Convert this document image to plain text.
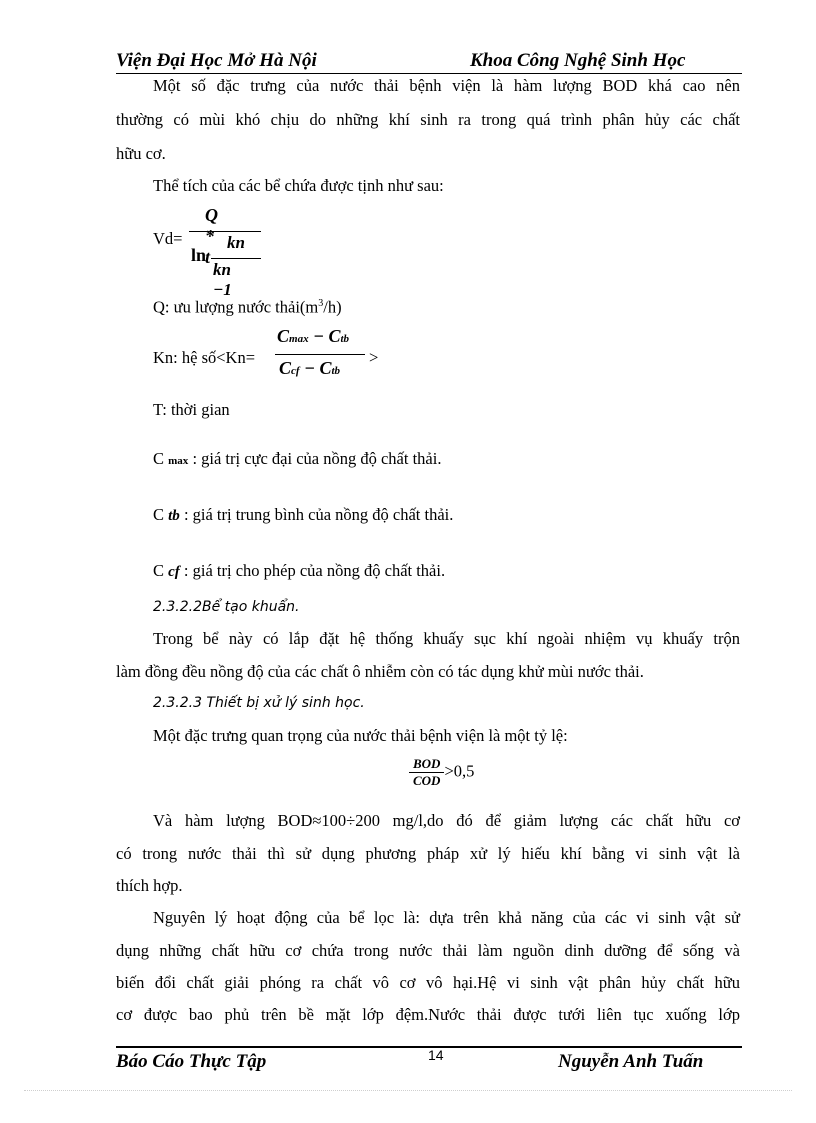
Viện Đại Học Mở Hà Nội	Khoa Công Nghệ Sinh Học
Một số đặc trưng của nước thải bệnh viện là hàm lượng BOD khá cao nên
thường có mùi khó chịu do những khí sinh ra trong quá trình phân hủy các chất
hữu cơ.
Thể tích của các bể chứa được tịnh như sau:
Vd=
Q * t
ln
kn
kn −1
Q: ưu lượng nước $thải(m^3/h)$
Kn: hệ số<Kn=
Cmax − Ctb
Ccf − Ctb
>
T: thời gian
C max : giá trị cực đại của nồng độ chất thải.
C tb : giá trị trung bình của nồng độ chất thải.
C cf : giá trị cho phép của nồng độ chất thải.
2.3.2.2Bể tạo khuẩn.
Trong bể này có lắp đặt hệ thống khuấy sục khí ngoài nhiệm vụ khuấy trộn
làm đồng đều nồng độ của các chất ô nhiễm còn có tác dụng khử mùi nước thải.
2.3.2.3 Thiết bị xử lý sinh học.
Một đặc trưng quan trọng của nước thải bệnh viện là một tỷ lệ:
$\frac{\text{BOD}}{\text{COD}} >0,5$
Và hàm lượng BOD≈100÷200 mg/l,do đó để giảm lượng các chất hữu cơ
có trong nước thải thì sử dụng phương pháp xử lý hiếu khí bằng vi sinh vật là
thích hợp.
Nguyên lý hoạt động của bể lọc là: dựa trên khả năng của các vi sinh vật sử
dụng những chất hữu cơ chứa trong nước thải làm nguồn dinh dưỡng để sống và
biến đổi chất giải phóng ra chất vô cơ vô hại.Hệ vi sinh vật phân hủy chất hữu
cơ được bao phủ trên bề mặt lớp đệm.Nước thải được tưới liên tục xuống lớp
Báo Cáo Thực Tập	14	Nguyễn Anh Tuấn
